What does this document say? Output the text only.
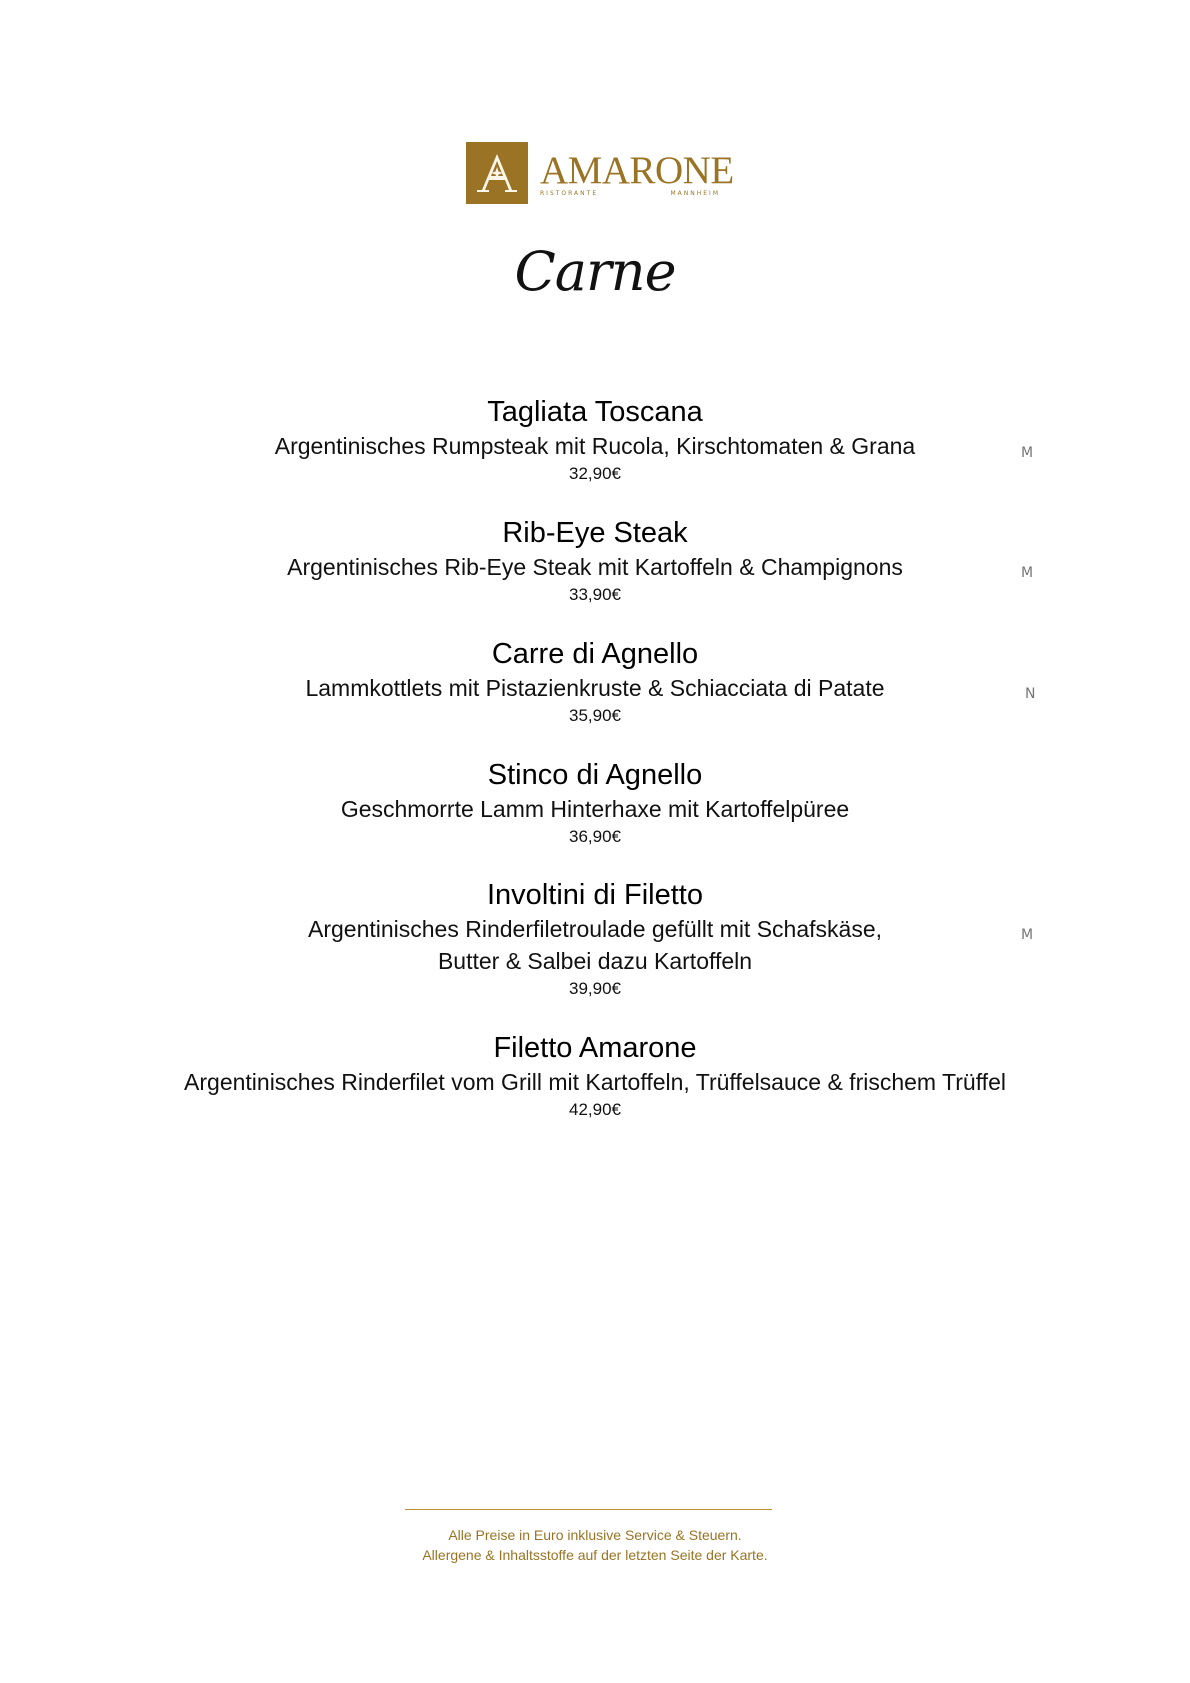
AMARONE
RISTORANTE	MANNHEIM
Carne
Tagliata Toscana
Argentinisches Rumpsteak mit Rucola, Kirschtomaten & Grana
32,90€
M
Rib-Eye Steak
Argentinisches Rib-Eye Steak mit Kartoffeln & Champignons
33,90€
M
Carre di Agnello
Lammkottlets mit Pistazienkruste & Schiacciata di Patate
35,90€
N
Stinco di Agnello
Geschmorrte Lamm Hinterhaxe mit Kartoffelpüree
36,90€
Involtini di Filetto
Argentinisches Rinderfiletroulade gefüllt mit Schafskäse,
Butter & Salbei dazu Kartoffeln
39,90€
M
Filetto Amarone
Argentinisches Rinderfilet vom Grill mit Kartoffeln, Trüffelsauce & frischem Trüffel
42,90€
Alle Preise in Euro inklusive Service & Steuern.
Allergene & Inhaltsstoffe auf der letzten Seite der Karte.
